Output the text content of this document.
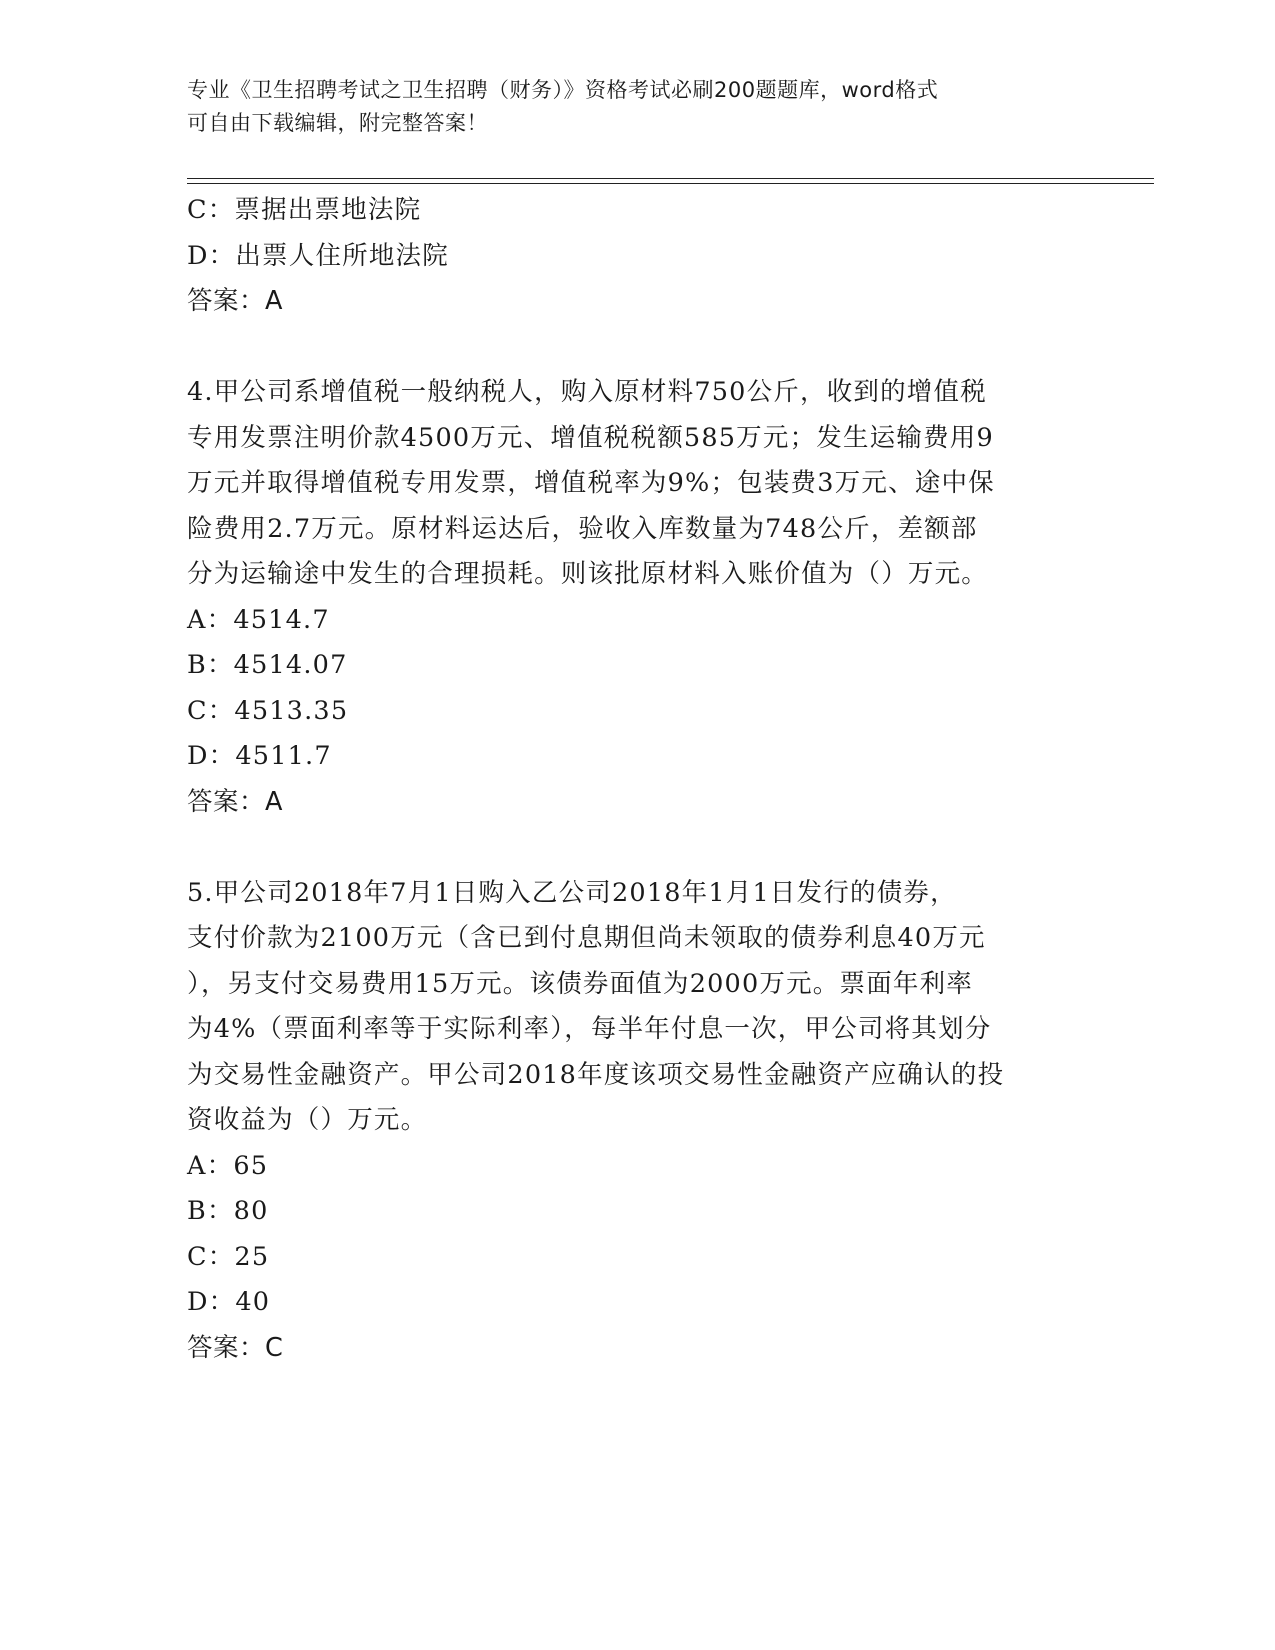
专业《卫生招聘考试之卫生招聘（财务）》资格考试必刷200题题库，word格式
可自由下载编辑，附完整答案！
C：票据出票地法院
D：出票人住所地法院
答案：A
4.甲公司系增值税一般纳税人，购入原材料750公斤，收到的增值税
专用发票注明价款4500万元、增值税税额585万元；发生运输费用9
万元并取得增值税专用发票，增值税率为9%；包装费3万元、途中保
险费用2.7万元。原材料运达后，验收入库数量为748公斤，差额部
分为运输途中发生的合理损耗。则该批原材料入账价值为（）万元。
A：4514.7
B：4514.07
C：4513.35
D：4511.7
答案：A
5.甲公司2018年7月1日购入乙公司2018年1月1日发行的债券，
支付价款为2100万元（含已到付息期但尚未领取的债券利息40万元
），另支付交易费用15万元。该债券面值为2000万元。票面年利率
为4%（票面利率等于实际利率），每半年付息一次，甲公司将其划分
为交易性金融资产。甲公司2018年度该项交易性金融资产应确认的投
资收益为（）万元。
A：65
B：80
C：25
D：40
答案：C
